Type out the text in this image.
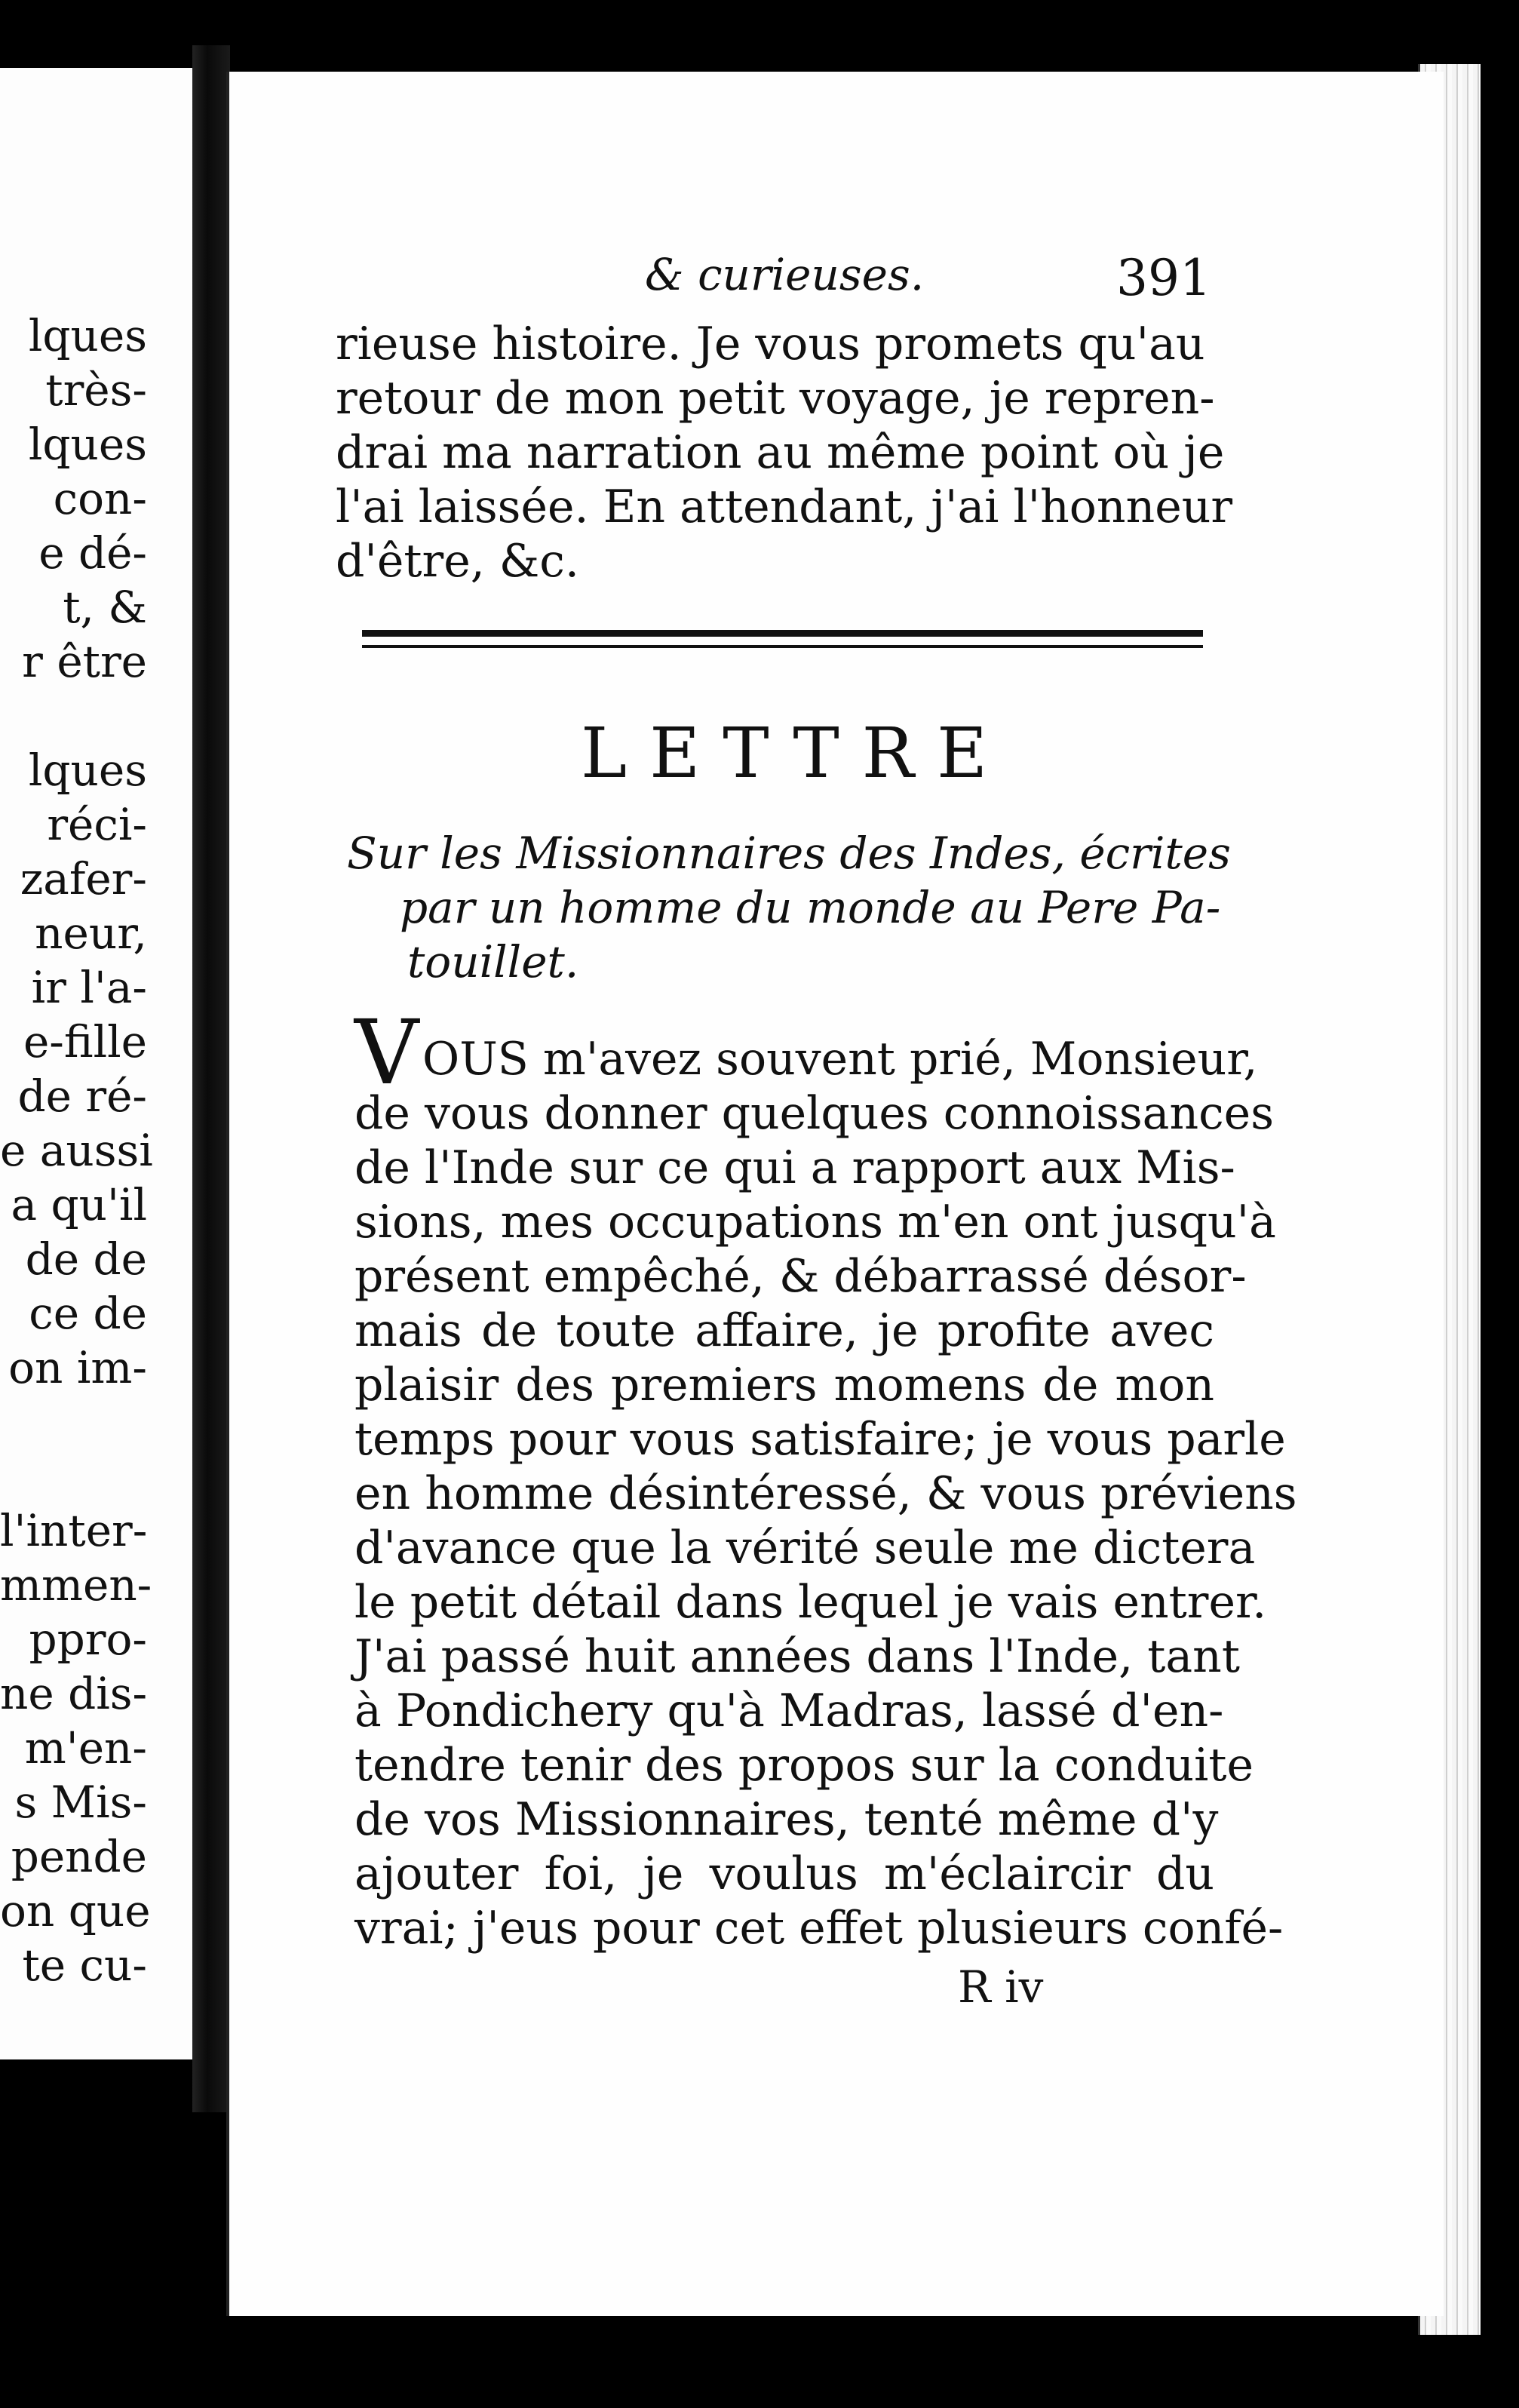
lques
très-
lques
con-
e dé-
t, &
r être
lques
réci-
zafer-
neur,
ir l'a-
e-fille
de ré-
e aussi
a qu'il
de de
ce de
on im-
l'inter-
mmen-
ppro-
ne dis-
m'en-
s Mis-
pende
on que
te cu-
& curieuses.	391
rieuse histoire. Je vous promets qu'au
retour de mon petit voyage, je repren-
drai ma narration au même point où je
l'ai laissée. En attendant, j'ai l'honneur
d'être, &c.
LETTRE
Sur les Missionnaires des Indes, écrites
par un homme du monde au Pere Pa-
touillet.
V OUS m'avez souvent prié, Monsieur,
de vous donner quelques connoissances
de l'Inde sur ce qui a rapport aux Mis-
sions, mes occupations m'en ont jusqu'à
présent empêché, & débarrassé désor-
mais de toute affaire, je profite avec
plaisir des premiers momens de mon
temps pour vous satisfaire; je vous parle
en homme désintéressé, & vous préviens
d'avance que la vérité seule me dictera
le petit détail dans lequel je vais entrer.
J'ai passé huit années dans l'Inde, tant
à Pondichery qu'à Madras, lassé d'en-
tendre tenir des propos sur la conduite
de vos Missionnaires, tenté même d'y
ajouter foi, je voulus m'éclaircir du
vrai; j'eus pour cet effet plusieurs confé-
R iv
